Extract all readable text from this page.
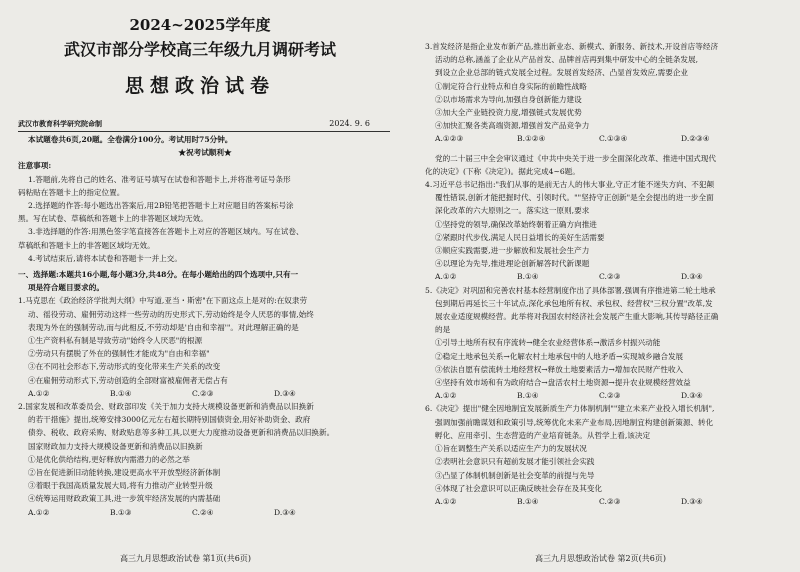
2024~2025学年度
武汉市部分学校高三年级九月调研考试
思想政治试卷
武汉市教育科学研究院命制	2024. 9. 6

本试题卷共6页,20题。全卷满分100分。考试用时75分钟。

★祝考试顺利★

注意事项:

1.答题前,先将自己的姓名、准考证号填写在试卷和答题卡上,并将准考证号条形

码粘贴在答题卡上的指定位置。

2.选择题的作答:每小题选出答案后,用2B铅笔把答题卡上对应题目的答案标号涂

黑。写在试卷、草稿纸和答题卡上的非答题区域均无效。

3.非选择题的作答:用黑色签字笔直接答在答题卡上对应的答题区域内。写在试卷、

草稿纸和答题卡上的非答题区域均无效。

4.考试结束后,请将本试卷和答题卡一并上交。

一、选择题:本题共16小题,每小题3分,共48分。在每小题给出的四个选项中,只有一

项是符合题目要求的。

1.马克思在《政治经济学批判大纲》中写道,亚当・斯密"在下面这点上是对的:在奴隶劳

动、徭役劳动、雇佣劳动这样一些劳动的历史形式下,劳动始终是令人厌恶的事情,始终

表现为外在的强制劳动,而与此相反,不劳动却是'自由和幸福'"。对此理解正确的是

①生产资料私有制是导致劳动"始终令人厌恶"的根源

②劳动只有摆脱了外在的强制性才能成为"自由和幸福"

③在不同社会形态下,劳动形式的变化带来生产关系的改变

④在雇佣劳动形式下,劳动创造的全部财富被雇佣者无偿占有

A.①②	B.①④	C.②③	D.③④

2.国家发展和改革委员会、财政部印发《关于加力支持大规模设备更新和消费品以旧换新

的若干措施》提出,统筹安排3000亿元左右超长期特别国债资金,用好补助资金、政府

债券、税收、政府采购、财政贴息等多种工具,以更大力度推动设备更新和消费品以旧换新。

国家财政加力支持大规模设备更新和消费品以旧换新

①是优化供给结构,更好释放内需潜力的必然之举

②旨在促进新旧动能转换,建设更高水平开放型经济新体制

③着眼于我国高质量发展大局,将有力推动产业转型升级

④统筹运用财政政策工具,进一步筑牢经济发展的内需基础

A.①②	B.①③	C.②④	D.③④
高三九月思想政治试卷 第1页(共6页)

3.首发经济是指企业发布新产品,推出新业态、新模式、新服务、新技术,开设首店等经济

活动的总称,涵盖了企业从产品首发、品牌首店再到集中研发中心的全链条发展,

到设立企业总部的链式发展全过程。发展首发经济、凸显首发效应,需要企业

①制定符合行业特点和自身实际的前瞻性战略

②以市场需求为导向,加强自身创新能力建设

③加大全产业链投资力度,增强链式发展优势

④加快汇聚各类高端资源,增强首发产品竞争力

A.①②③	B.①②④	C.①③④	D.②③④

党的二十届三中全会审议通过《中共中央关于进一步全面深化改革、推进中国式现代

化的决定》(下称《决定》)。据此完成4~6题。

4.习近平总书记指出:"我们从事的是前无古人的伟大事业,守正才能不迷失方向、不犯颠

覆性错误,创新才能把握时代、引领时代。""坚持守正创新"是全会提出的进一步全面

深化改革的六大原则之一。落实这一原则,要求

①坚持党的领导,确保改革始终朝着正确方向推进

②紧跟时代步伐,满足人民日益增长的美好生活需要

③顺应实践需要,进一步解放和发展社会生产力

④以理论为先导,推进理论创新解答时代新课题

A.①②	B.①④	C.②③	D.③④

5.《决定》对巩固和完善农村基本经营制度作出了具体部署,强调有序推进第二轮土地承

包到期后再延长三十年试点,深化承包地所有权、承包权、经营权"三权分置"改革,发

展农业适度规模经营。此举将对我国农村经济社会发展产生重大影响,其传导路径正确

的是

①引导土地所有权有序流转→健全农业经营体系→激活乡村振兴动能

②稳定土地承包关系→化解农村土地承包中的人地矛盾→实现城乡融合发展

③依法自愿有偿流转土地经营权→释放土地要素活力→增加农民财产性收入

④坚持有效市场和有为政府结合→盘活农村土地资源→提升农业规模经营效益

A.①②	B.①④	C.②③	D.③④

6.《决定》提出"健全因地制宜发展新质生产力体制机制""建立未来产业投入增长机制",

强调加强前瞻谋划和政策引导,统筹优化未来产业布局,因地制宜构建创新策源、转化

孵化、应用牵引、生态营造的产业培育链条。从哲学上看,该决定

①旨在调整生产关系以适应生产力的发展状况

②表明社会意识只有超前发展才能引领社会实践

③凸显了体制机制创新是社会变革的前提与先导

④体现了社会意识可以正确反映社会存在及其变化

A.①②	B.①④	C.②③	D.③④
高三九月思想政治试卷 第2页(共6页)
